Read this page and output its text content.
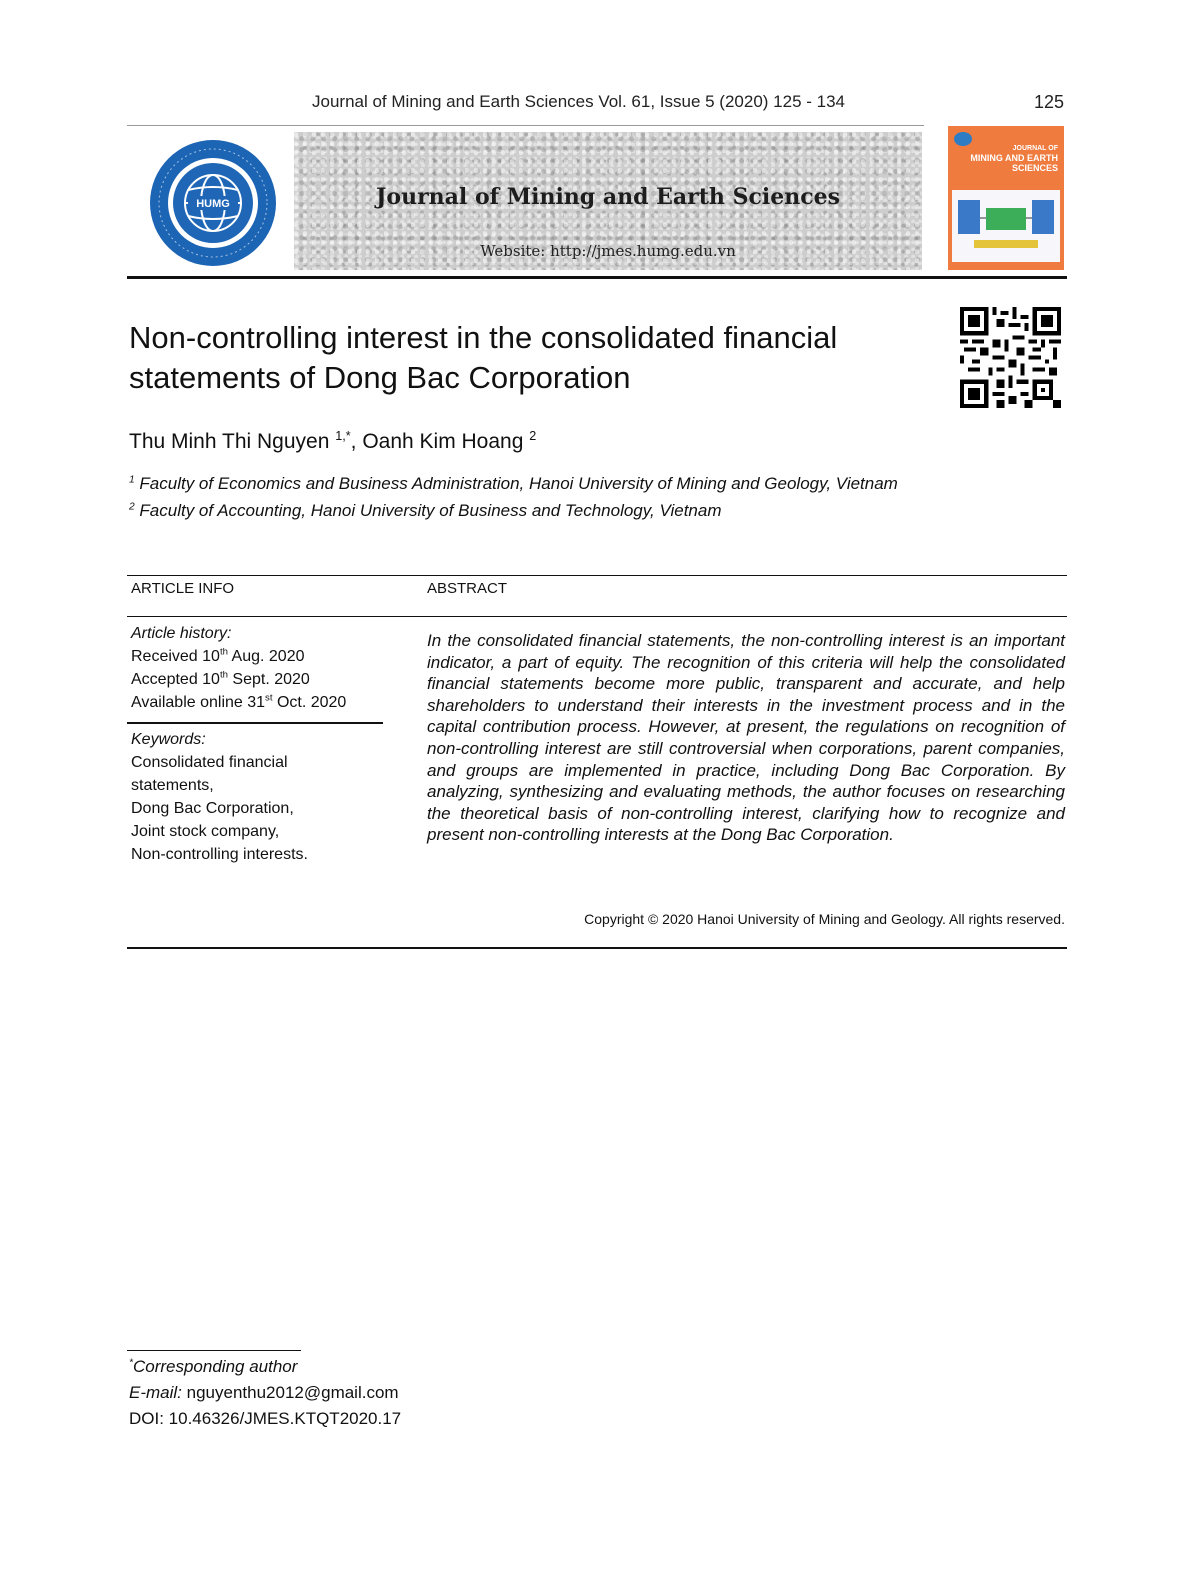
Journal of Mining and Earth Sciences Vol. 61, Issue 5 (2020) 125 - 134	125
HUMG	Journal of Mining and Earth Sciences
Website: http://jmes.humg.edu.vn
JOURNAL OF
MINING AND EARTH
SCIENCES
Non-controlling interest in the consolidated financial
statements of Dong Bac Corporation
Thu Minh Thi Nguyen $^{1,*}$, Oanh Kim Hoang $^2$
$^1$ Faculty of Economics and Business Administration, Hanoi University of Mining and Geology, Vietnam
$^2$ Faculty of Accounting, Hanoi University of Business and Technology, Vietnam
ARTICLE INFO	ABSTRACT
Article history:
Received 10th Aug. 2020
Accepted 10th Sept. 2020
Available online 31st Oct. 2020
Keywords:
Consolidated financial
statements,
Dong Bac Corporation,
Joint stock company,
Non-controlling interests.
In the consolidated financial statements, the non-controlling interest is an important indicator, a part of equity. The recognition of this criteria will help the consolidated financial statements become more public, transparent and accurate, and help shareholders to understand their interests in the investment process and in the capital contribution process. However, at present, the regulations on recognition of non-controlling interest are still controversial when corporations, parent companies, and groups are implemented in practice, including Dong Bac Corporation. By analyzing, synthesizing and evaluating methods, the author focuses on researching the theoretical basis of non-controlling interest, clarifying how to recognize and present non-controlling interests at the Dong Bac Corporation.
Copyright © 2020 Hanoi University of Mining and Geology. All rights reserved.
*Corresponding author
E-mail: nguyenthu2012@gmail.com
DOI: 10.46326/JMES.KTQT2020.17
